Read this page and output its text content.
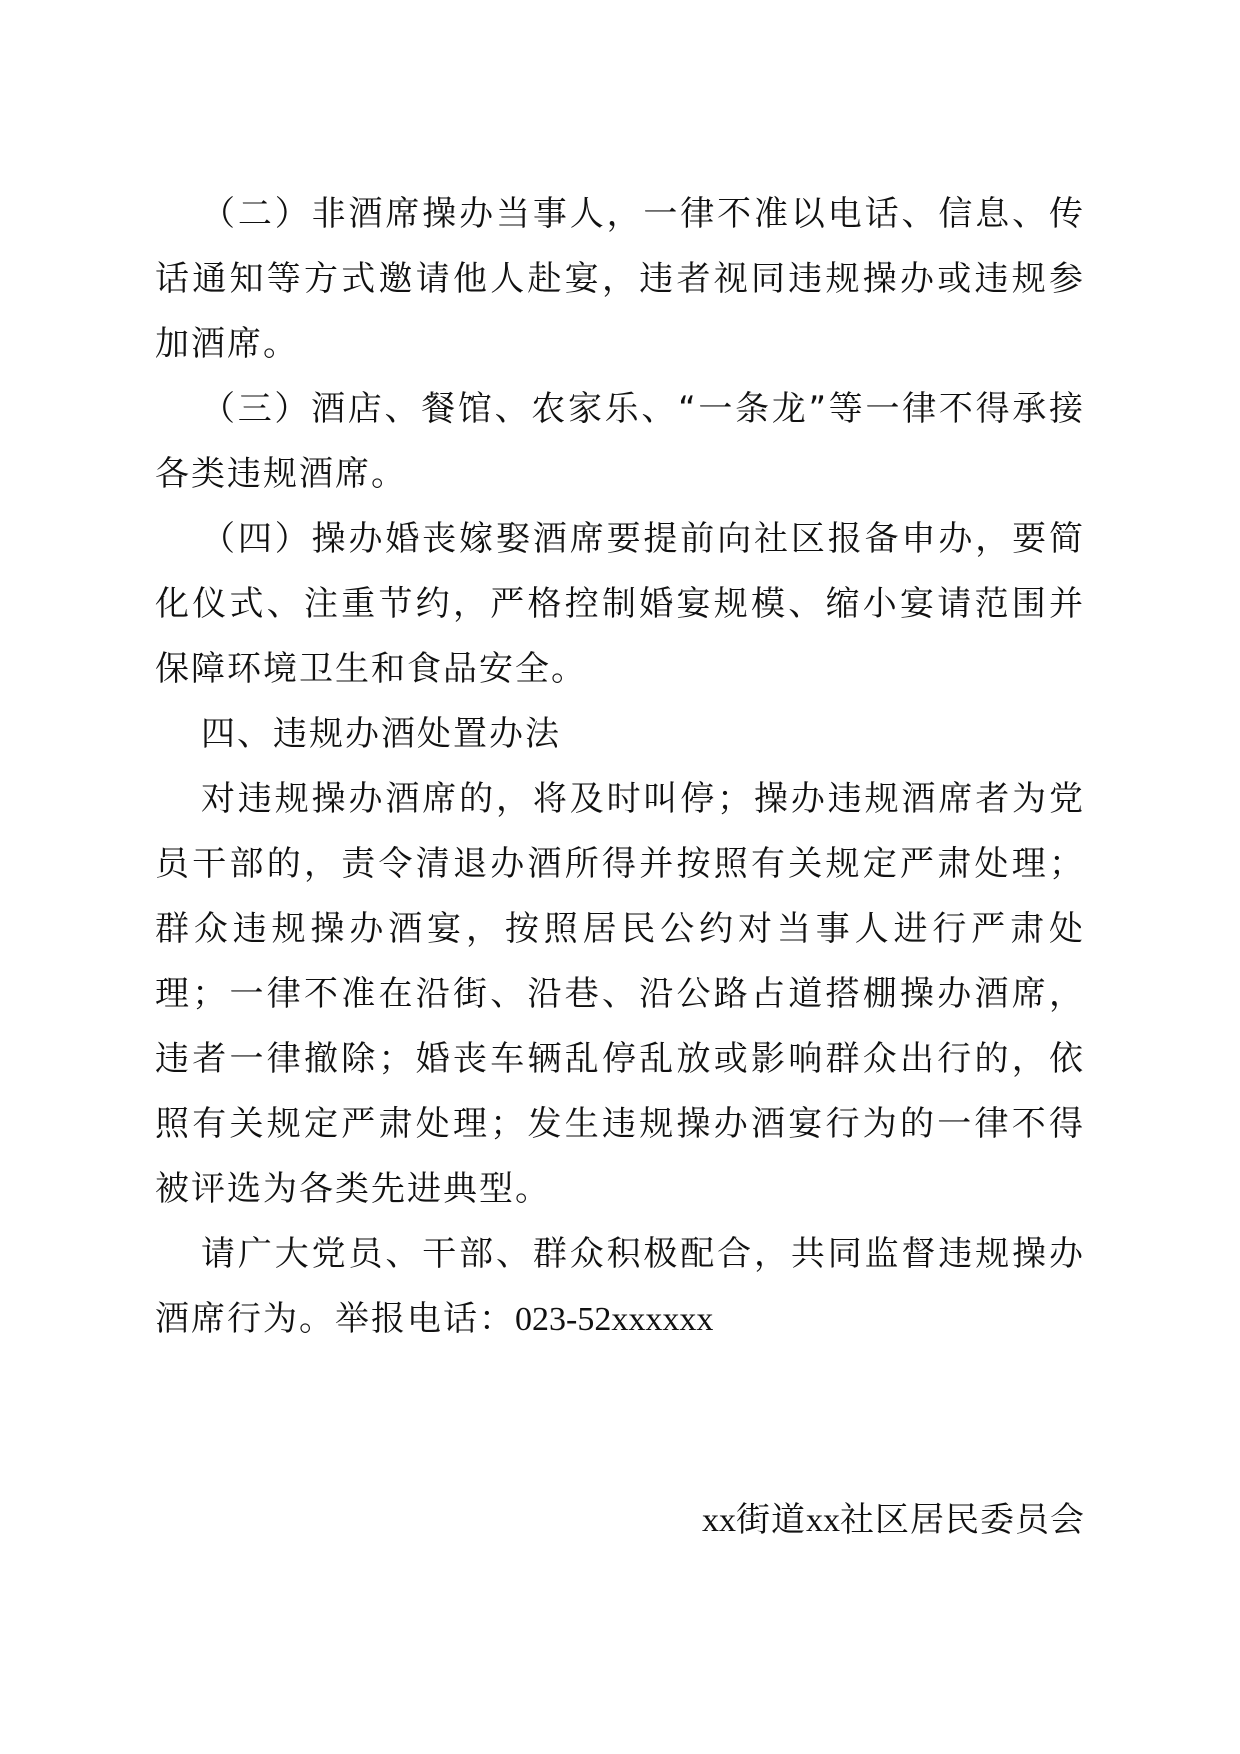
（二）非酒席操办当事人，一律不准以电话、信息、传话通知等方式邀请他人赴宴，违者视同违规操办或违规参加酒席。

（三）酒店、餐馆、农家乐、“一条龙”等一律不得承接各类违规酒席。

（四）操办婚丧嫁娶酒席要提前向社区报备申办，要简化仪式、注重节约，严格控制婚宴规模、缩小宴请范围并保障环境卫生和食品安全。

四、违规办酒处置办法

对违规操办酒席的，将及时叫停；操办违规酒席者为党员干部的，责令清退办酒所得并按照有关规定严肃处理；群众违规操办酒宴，按照居民公约对当事人进行严肃处理；一律不准在沿街、沿巷、沿公路占道搭棚操办酒席，违者一律撤除；婚丧车辆乱停乱放或影响群众出行的，依照有关规定严肃处理；发生违规操办酒宴行为的一律不得被评选为各类先进典型。

请广大党员、干部、群众积极配合，共同监督违规操办酒席行为。举报电话：023-52xxxxxx

xx街道xx社区居民委员会
